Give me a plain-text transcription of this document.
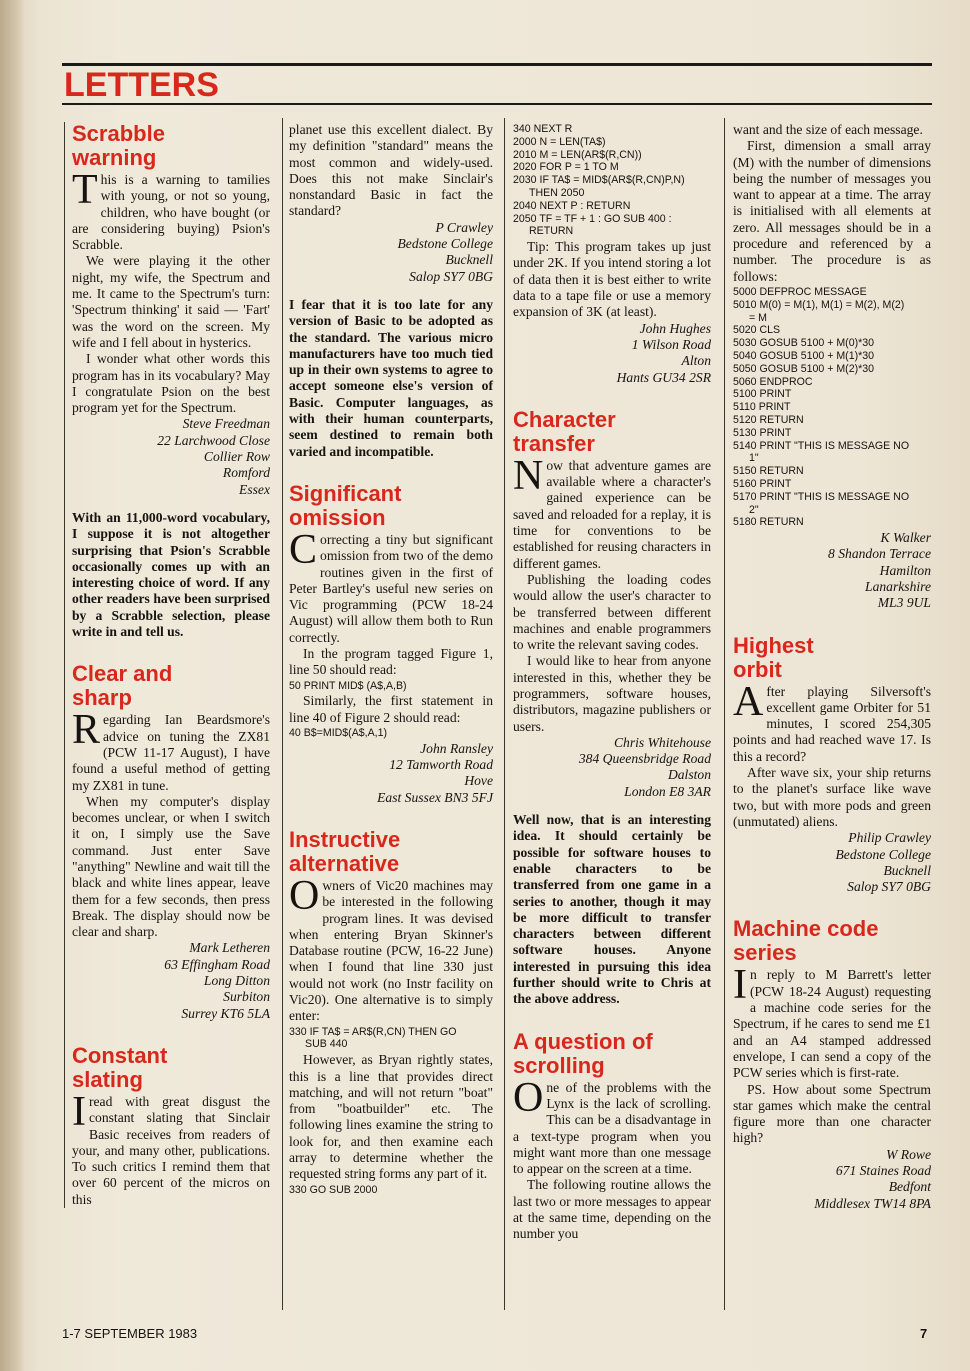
LETTERS
Scrabble
warning

This is a warning to tamilies with young, or not so young, children, who have bought (or are considering buying) Psion's Scrabble.

We were playing it the other night, my wife, the Spectrum and me. It came to the Spectrum's turn: 'Spectrum thinking' it said — 'Fart' was the word on the screen. My wife and I fell about in hysterics.

I wonder what other words this program has in its vocabulary? May I congratulate Psion on the best program yet for the Spectrum.

Steve Freedman
22 Larchwood Close
Collier Row
Romford
Essex

With an 11,000-word vocabulary, I suppose it is not altogether surprising that Psion's Scrabble occasionally comes up with an interesting choice of word. If any other readers have been surprised by a Scrabble selection, please write in and tell us.

Clear and
sharp

Regarding Ian Beardsmore's advice on tuning the ZX81 (PCW 11-17 August), I have found a useful method of getting my ZX81 in tune.

When my computer's display becomes unclear, or when I switch it on, I simply use the Save command. Just enter Save "anything" Newline and wait till the black and white lines appear, leave them for a few seconds, then press Break. The display should now be clear and sharp.

Mark Letheren
63 Effingham Road
Long Ditton
Surbiton
Surrey KT6 5LA
Constant
slating

Iread with great disgust the constant slating that Sinclair Basic receives from readers of your, and many other, publications. To such critics I remind them that over 60 percent of the micros on this

planet use this excellent dialect. By my definition "standard" means the most common and widely-used. Does this not make Sinclair's nonstandard Basic in fact the standard?

P Crawley
Bedstone College
Bucknell
Salop SY7 0BG

I fear that it is too late for any version of Basic to be adopted as the standard. The various micro manufacturers have too much tied up in their own systems to agree to accept someone else's version of Basic. Computer languages, as with their human counterparts, seem destined to remain both varied and incompatible.

Significant
omission

Correcting a tiny but significant omission from two of the demo routines given in the first of Peter Bartley's useful new series on Vic programming (PCW 18-24 August) will allow them both to Run correctly.

In the program tagged Figure 1, line 50 should read:

50 PRINT MID$ (A$,A,B)

Similarly, the first statement in line 40 of Figure 2 should read:

40 B$=MID$(A$,A,1)
John Ransley
12 Tamworth Road
Hove
East Sussex BN3 5FJ
Instructive
alternative

Owners of Vic20 machines may be interested in the following program lines. It was devised when entering Bryan Skinner's Database routine (PCW, 16-22 June) when I found that line 330 just would not work (no Instr facility on Vic20). One alternative is to simply enter:

330 IF TA$ = AR$(R,CN) THEN GO
SUB 440

However, as Bryan rightly states, this is a line that provides direct matching, and will not return "boat" from "boatbuilder" etc. The following lines examine the string to look for, and then examine each array to determine whether the requested string forms any part of it.

330 GO SUB 2000
340 NEXT R
2000 N = LEN(TA$)
2010 M = LEN(AR$(R,CN))
2020 FOR P = 1 TO M
2030 IF TA$ = MID$(AR$(R,CN)P,N)
THEN 2050
2040 NEXT P : RETURN
2050 TF = TF + 1 : GO SUB 400 :
RETURN

Tip: This program takes up just under 2K. If you intend storing a lot of data then it is best either to write data to a tape file or use a memory expansion of 3K (at least).

John Hughes
1 Wilson Road
Alton
Hants GU34 2SR
Character
transfer

Now that adventure games are available where a character's gained experience can be saved and reloaded for a replay, it is time for conventions to be established for reusing characters in different games.

Publishing the loading codes would allow the user's character to be transferred between different machines and enable programmers to write the relevant saving codes.

I would like to hear from anyone interested in this, whether they be programmers, software houses, distributors, magazine publishers or users.

Chris Whitehouse
384 Queensbridge Road
Dalston
London E8 3AR

Well now, that is an interesting idea. It should certainly be possible for software houses to enable characters to be transferred from one game in a series to another, though it may be more difficult to transfer characters between different software houses. Anyone interested in pursuing this idea further should write to Chris at the above address.

A question of
scrolling

One of the problems with the Lynx is the lack of scrolling. This can be a disadvantage in a text-type program when you might want more than one message to appear on the screen at a time.

The following routine allows the last two or more messages to appear at the same time, depending on the number you

want and the size of each message.

First, dimension a small array (M) with the number of dimensions being the number of messages you want to appear at a time. The array is initialised with all elements at zero. All messages should be in a procedure and referenced by a number. The procedure is as follows:

5000 DEFPROC MESSAGE
5010 M(0) = M(1), M(1) = M(2), M(2)
= M
5020 CLS
5030 GOSUB 5100 + M(0)*30
5040 GOSUB 5100 + M(1)*30
5050 GOSUB 5100 + M(2)*30
5060 ENDPROC
5100 PRINT
5110 PRINT
5120 RETURN
5130 PRINT
5140 PRINT "THIS IS MESSAGE NO
1"
5150 RETURN
5160 PRINT
5170 PRINT "THIS IS MESSAGE NO
2"
5180 RETURN
K Walker
8 Shandon Terrace
Hamilton
Lanarkshire
ML3 9UL
Highest
orbit

After playing Silversoft's excellent game Orbiter for 51 minutes, I scored 254,305 points and had reached wave 17. Is this a record?

After wave six, your ship returns to the planet's surface like wave two, but with more pods and green (unmutated) aliens.

Philip Crawley
Bedstone College
Bucknell
Salop SY7 0BG
Machine code
series

In reply to M Barrett's letter (PCW 18-24 August) requesting a machine code series for the Spectrum, if he cares to send me £1 and an A4 stamped addressed envelope, I can send a copy of the PCW series which is first-rate.

PS. How about some Spectrum star games which make the central figure more than one character high?

W Rowe
671 Staines Road
Bedfont
Middlesex TW14 8PA
1-7 SEPTEMBER 1983	7
